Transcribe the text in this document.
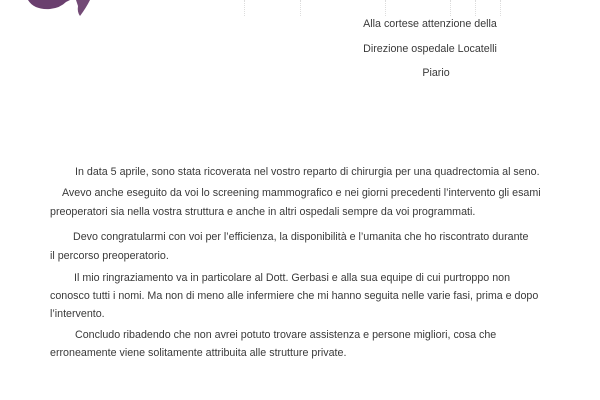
Alla cortese attenzione della
Direzione ospedale Locatelli
Piario
In data 5 aprile, sono stata ricoverata nel vostro reparto di chirurgia per una quadrectomia al seno.
Avevo anche eseguito da voi lo screening mammografico e nei giorni precedenti l’intervento gli esami
preoperatori sia nella vostra struttura e anche in altri ospedali sempre da voi programmati.
Devo congratularmi con voi per l’efficienza, la disponibilità e l’umanita che ho riscontrato durante
il percorso preoperatorio.
Il mio ringraziamento va in particolare al Dott. Gerbasi e alla sua equipe di cui purtroppo non
conosco tutti i nomi. Ma non di meno alle infermiere che mi hanno seguita nelle varie fasi, prima e dopo
l’intervento.
Concludo ribadendo che non avrei potuto trovare assistenza e persone migliori, cosa che
erroneamente viene solitamente attribuita alle strutture private.
